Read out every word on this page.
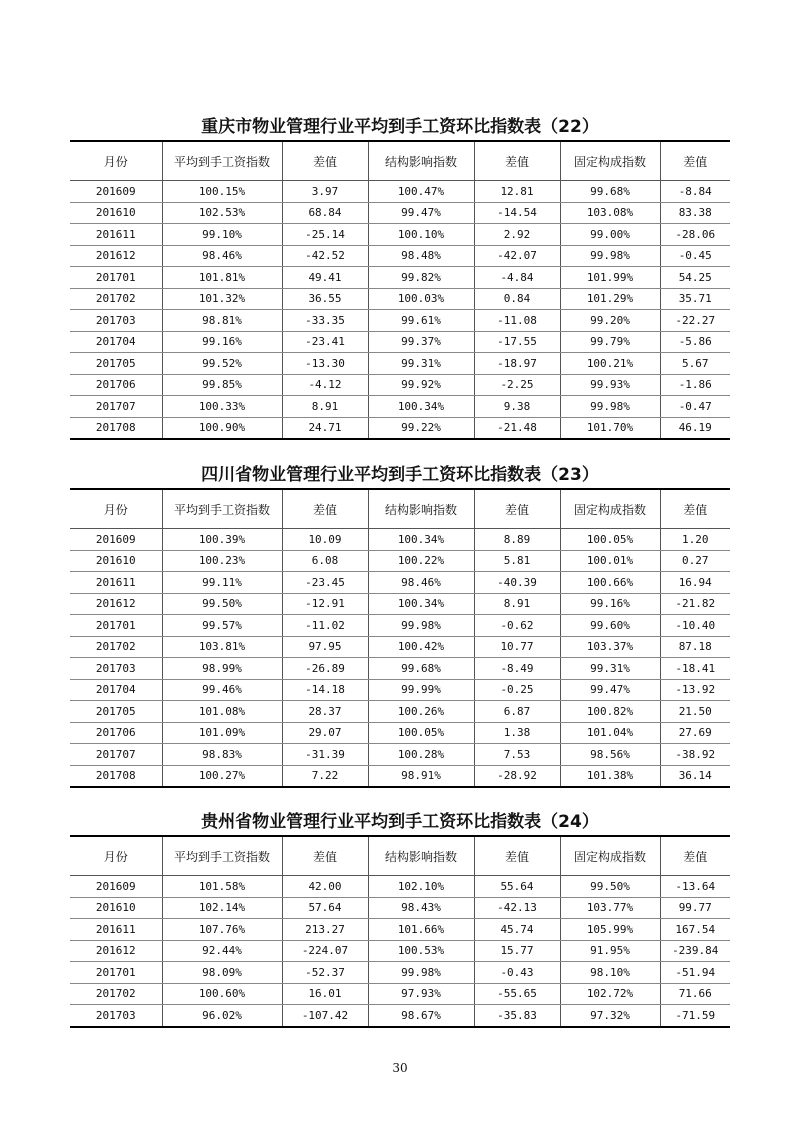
重庆市物业管理行业平均到手工资环比指数表（22）
月份	平均到手工资指数	差值	结构影响指数	差值	固定构成指数	差值
201609	100.15%	3.97	100.47%	12.81	99.68%	-8.84
201610	102.53%	68.84	99.47%	-14.54	103.08%	83.38
201611	99.10%	-25.14	100.10%	2.92	99.00%	-28.06
201612	98.46%	-42.52	98.48%	-42.07	99.98%	-0.45
201701	101.81%	49.41	99.82%	-4.84	101.99%	54.25
201702	101.32%	36.55	100.03%	0.84	101.29%	35.71
201703	98.81%	-33.35	99.61%	-11.08	99.20%	-22.27
201704	99.16%	-23.41	99.37%	-17.55	99.79%	-5.86
201705	99.52%	-13.30	99.31%	-18.97	100.21%	5.67
201706	99.85%	-4.12	99.92%	-2.25	99.93%	-1.86
201707	100.33%	8.91	100.34%	9.38	99.98%	-0.47
201708	100.90%	24.71	99.22%	-21.48	101.70%	46.19
四川省物业管理行业平均到手工资环比指数表（23）
月份	平均到手工资指数	差值	结构影响指数	差值	固定构成指数	差值
201609	100.39%	10.09	100.34%	8.89	100.05%	1.20
201610	100.23%	6.08	100.22%	5.81	100.01%	0.27
201611	99.11%	-23.45	98.46%	-40.39	100.66%	16.94
201612	99.50%	-12.91	100.34%	8.91	99.16%	-21.82
201701	99.57%	-11.02	99.98%	-0.62	99.60%	-10.40
201702	103.81%	97.95	100.42%	10.77	103.37%	87.18
201703	98.99%	-26.89	99.68%	-8.49	99.31%	-18.41
201704	99.46%	-14.18	99.99%	-0.25	99.47%	-13.92
201705	101.08%	28.37	100.26%	6.87	100.82%	21.50
201706	101.09%	29.07	100.05%	1.38	101.04%	27.69
201707	98.83%	-31.39	100.28%	7.53	98.56%	-38.92
201708	100.27%	7.22	98.91%	-28.92	101.38%	36.14
贵州省物业管理行业平均到手工资环比指数表（24）
月份	平均到手工资指数	差值	结构影响指数	差值	固定构成指数	差值
201609	101.58%	42.00	102.10%	55.64	99.50%	-13.64
201610	102.14%	57.64	98.43%	-42.13	103.77%	99.77
201611	107.76%	213.27	101.66%	45.74	105.99%	167.54
201612	92.44%	-224.07	100.53%	15.77	91.95%	-239.84
201701	98.09%	-52.37	99.98%	-0.43	98.10%	-51.94
201702	100.60%	16.01	97.93%	-55.65	102.72%	71.66
201703	96.02%	-107.42	98.67%	-35.83	97.32%	-71.59
30
